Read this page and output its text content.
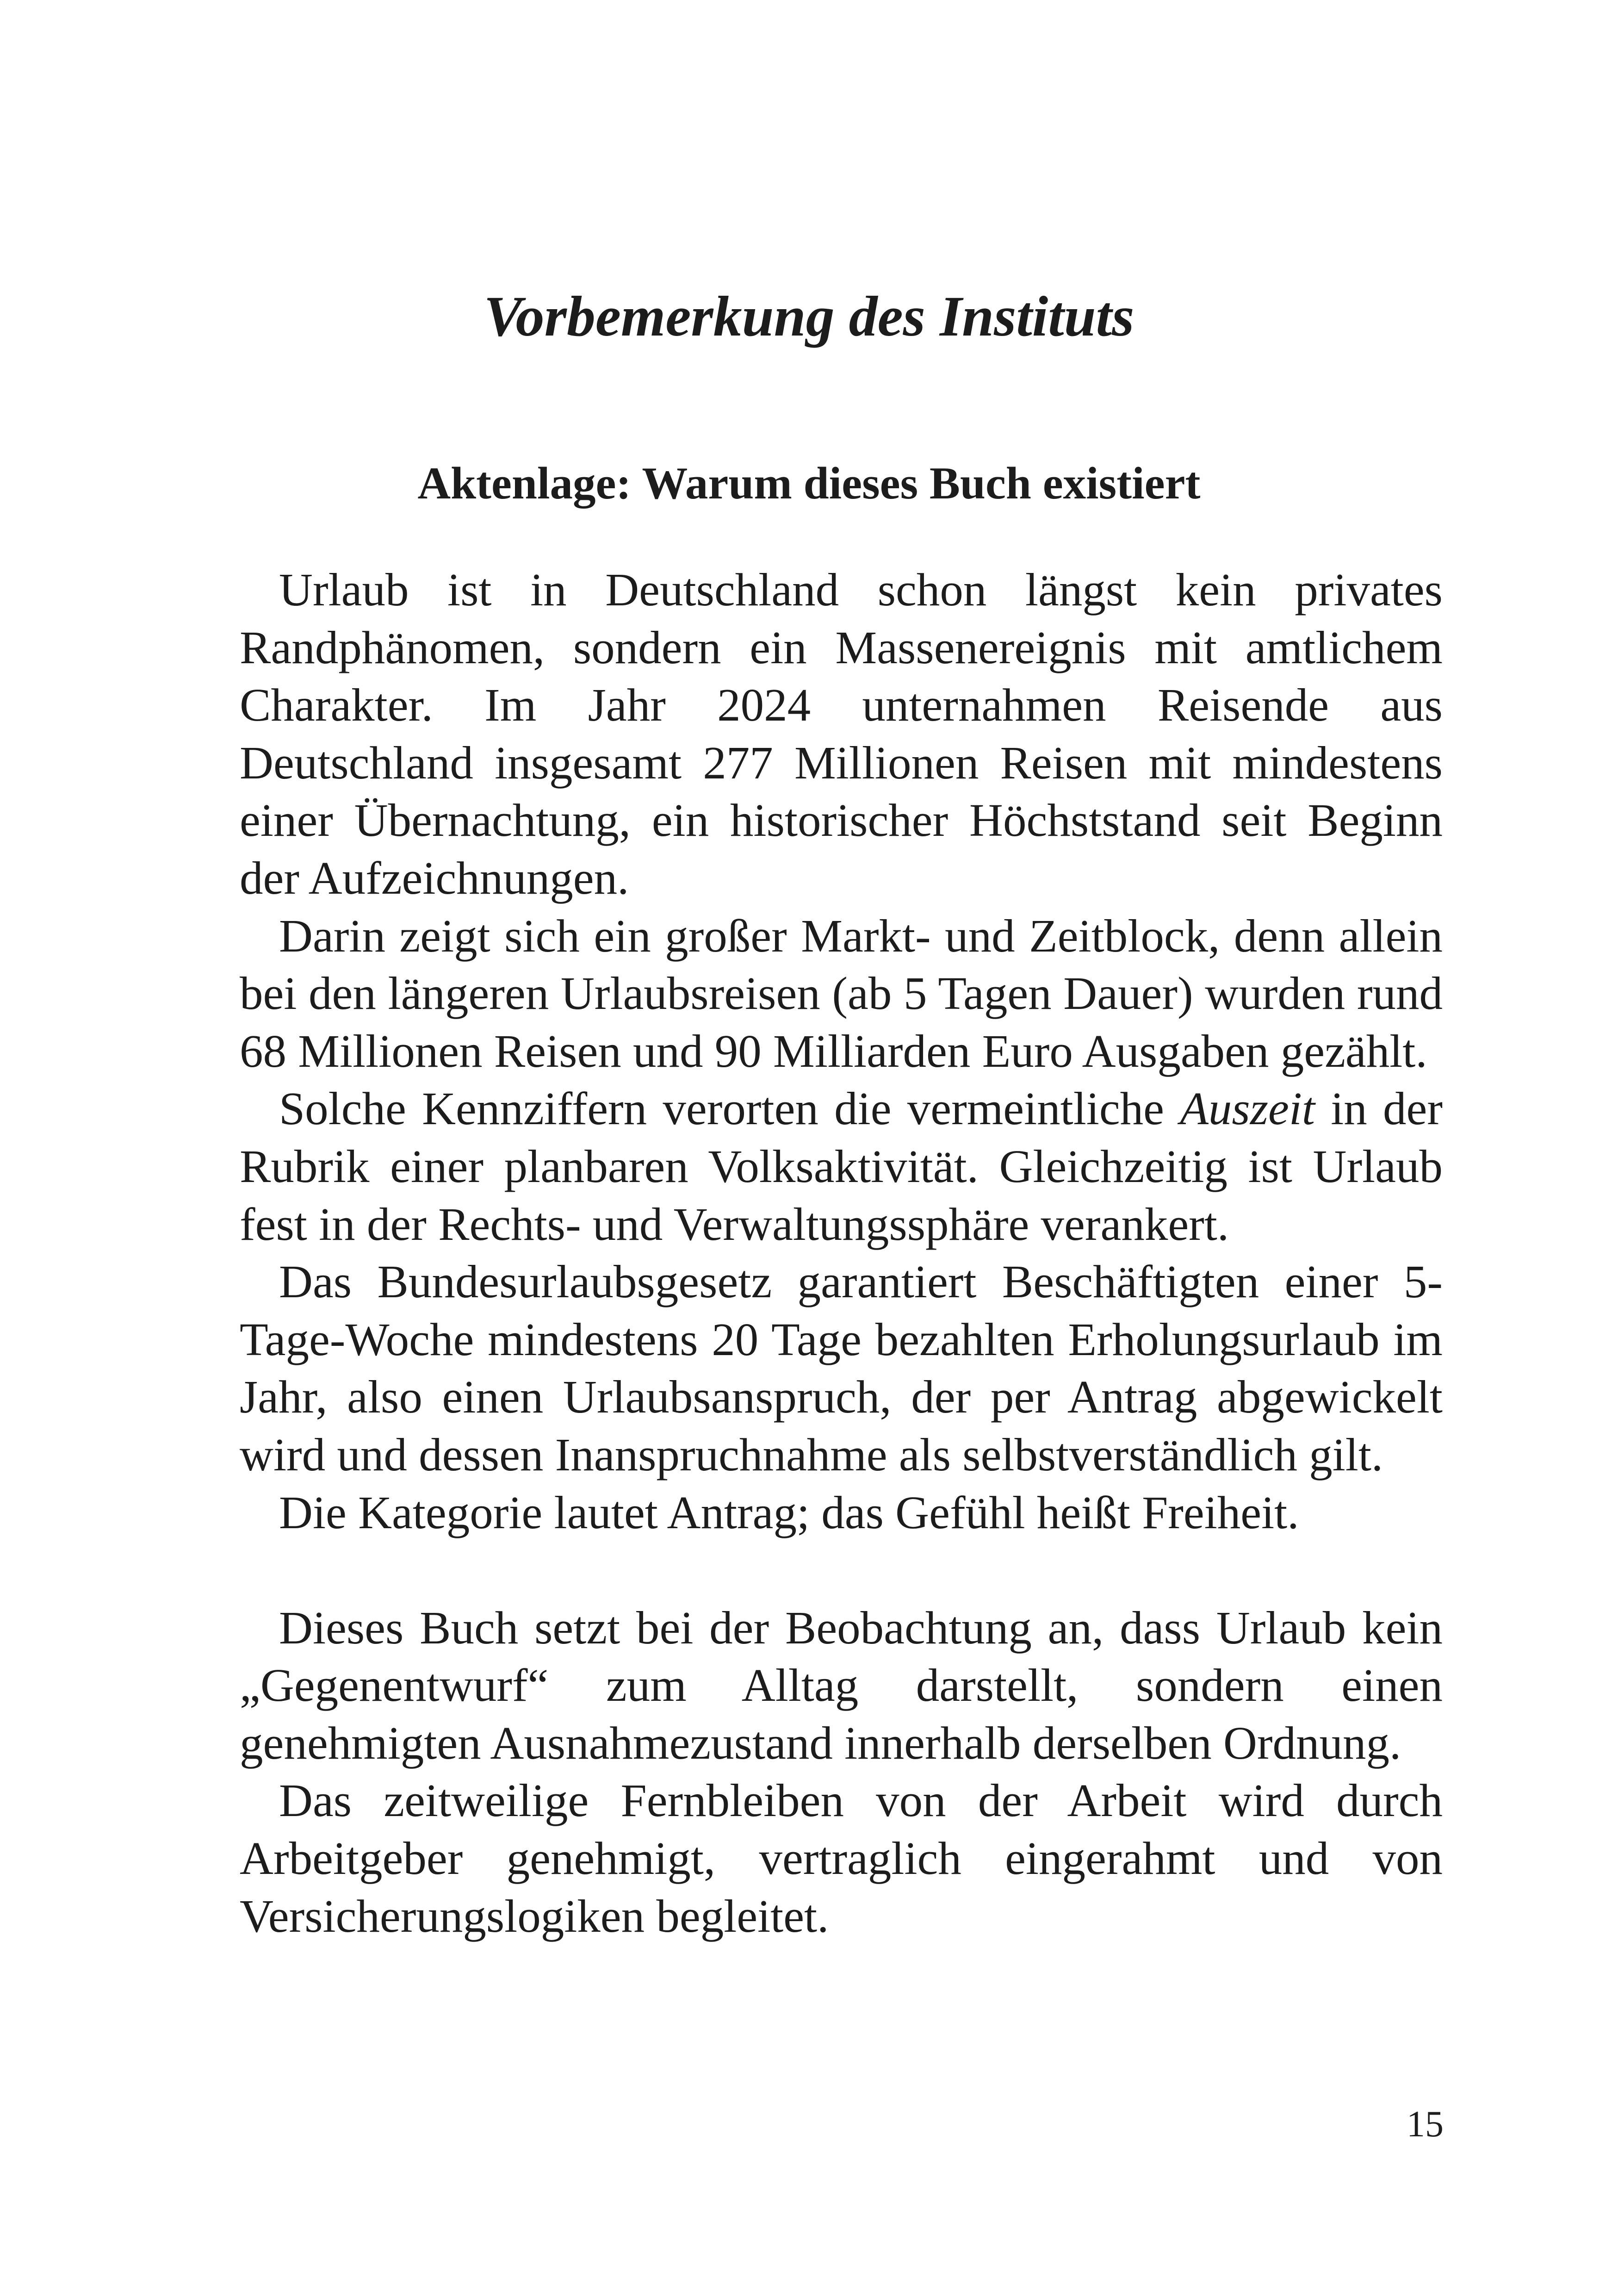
Vorbemerkung des Instituts
Aktenlage: Warum dieses Buch existiert

Urlaub ist in Deutschland schon längst kein privates Randphänomen, sondern ein Massenereignis mit amtlichem Charakter. Im Jahr 2024 unternahmen Reisende aus Deutschland insgesamt 277 Millionen Reisen mit mindestens einer Übernachtung, ein historischer Höchststand seit Beginn der Aufzeichnungen.

Darin zeigt sich ein großer Markt- und Zeitblock, denn allein bei den längeren Urlaubsreisen (ab 5 Tagen Dauer) wurden rund 68 Millionen Reisen und 90 Milliarden Euro Ausgaben gezählt.

Solche Kennziffern verorten die vermeintliche Auszeit in der Rubrik einer planbaren Volksaktivität. Gleichzeitig ist Urlaub fest in der Rechts- und Verwaltungssphäre verankert.

Das Bundesurlaubsgesetz garantiert Beschäftigten einer 5-Tage-Woche mindestens 20 Tage bezahlten Erholungsurlaub im Jahr, also einen Urlaubsanspruch, der per Antrag abgewickelt wird und dessen Inanspruchnahme als selbstverständlich gilt.

Die Kategorie lautet Antrag; das Gefühl heißt Freiheit.

Dieses Buch setzt bei der Beobachtung an, dass Urlaub kein „Gegenentwurf“ zum Alltag darstellt, sondern einen genehmigten Ausnahmezustand innerhalb derselben Ordnung.

Das zeitweilige Fernbleiben von der Arbeit wird durch Arbeitgeber genehmigt, vertraglich eingerahmt und von Versicherungslogiken begleitet.

15
